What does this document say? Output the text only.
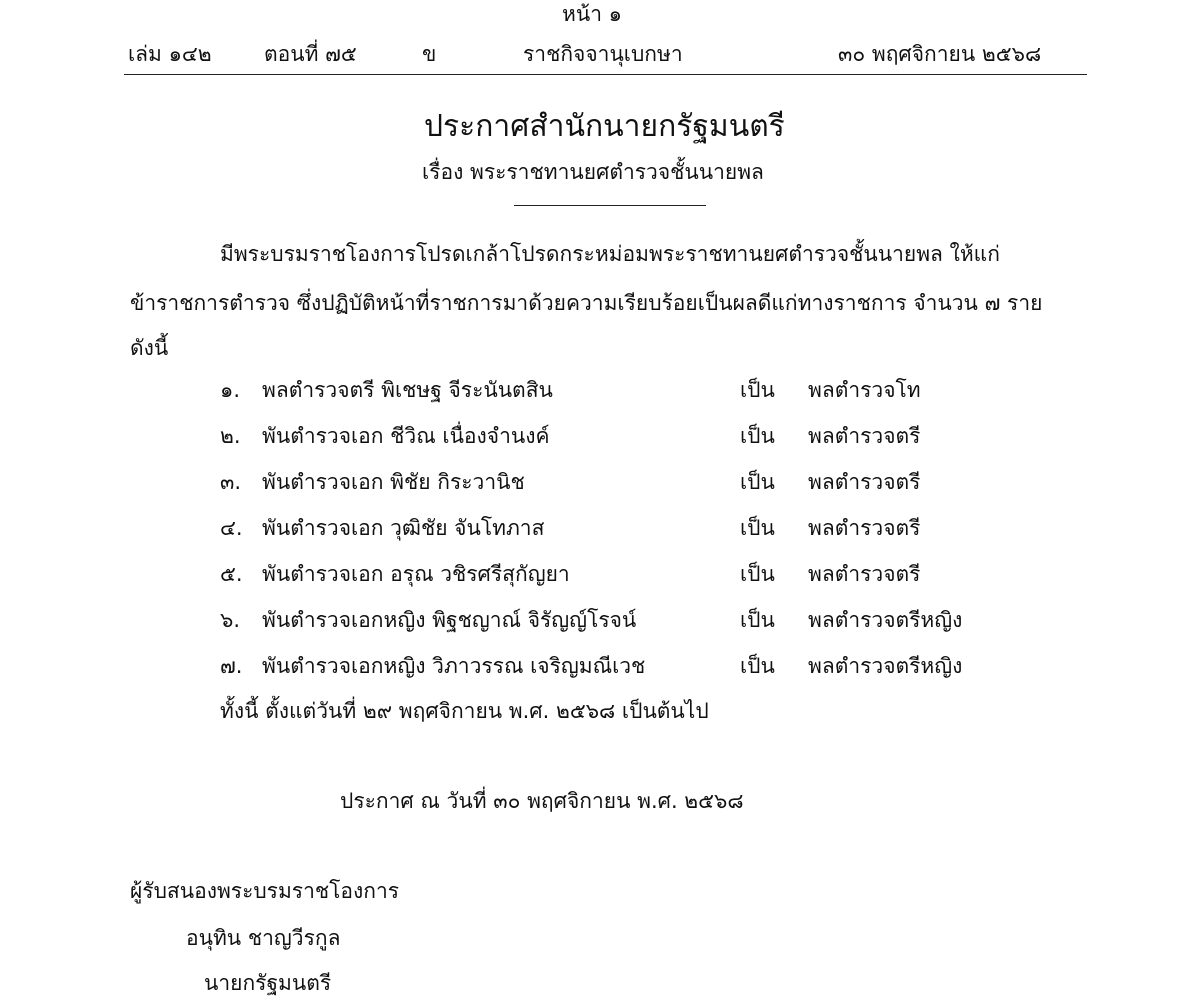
หน้า ๑
เล่ม ๑๔๒ ตอนที่ ๗๕	ข	ราชกิจจานุเบกษา	๓๐ พฤศจิกายน ๒๕๖๘
ประกาศสำนักนายกรัฐมนตรี
เรื่อง พระราชทานยศตำรวจชั้นนายพล
มีพระบรมราชโองการโปรดเกล้าโปรดกระหม่อมพระราชทานยศตำรวจชั้นนายพล ให้แก่
ข้าราชการตำรวจ ซึ่งปฏิบัติหน้าที่ราชการมาด้วยความเรียบร้อยเป็นผลดีแก่ทางราชการ จำนวน ๗ ราย
ดังนี้
๑. พลตำรวจตรี พิเชษฐ จีระนันตสิน	เป็น พลตำรวจโท
๒. พันตำรวจเอก ชีวิณ เนื่องจำนงค์	เป็น พลตำรวจตรี
๓. พันตำรวจเอก พิชัย กิระวานิช	เป็น พลตำรวจตรี
๔. พันตำรวจเอก วุฒิชัย จันโทภาส	เป็น พลตำรวจตรี
๕. พันตำรวจเอก อรุณ วชิรศรีสุกัญยา	เป็น พลตำรวจตรี
๖. พันตำรวจเอกหญิง พิฐชญาณ์ จิรัญญ์โรจน์	เป็น พลตำรวจตรีหญิง
๗. พันตำรวจเอกหญิง วิภาวรรณ เจริญมณีเวช	เป็น พลตำรวจตรีหญิง
ทั้งนี้ ตั้งแต่วันที่ ๒๙ พฤศจิกายน พ.ศ. ๒๕๖๘ เป็นต้นไป
ประกาศ ณ วันที่ ๓๐ พฤศจิกายน พ.ศ. ๒๕๖๘
ผู้รับสนองพระบรมราชโองการ
อนุทิน ชาญวีรกูล
นายกรัฐมนตรี
